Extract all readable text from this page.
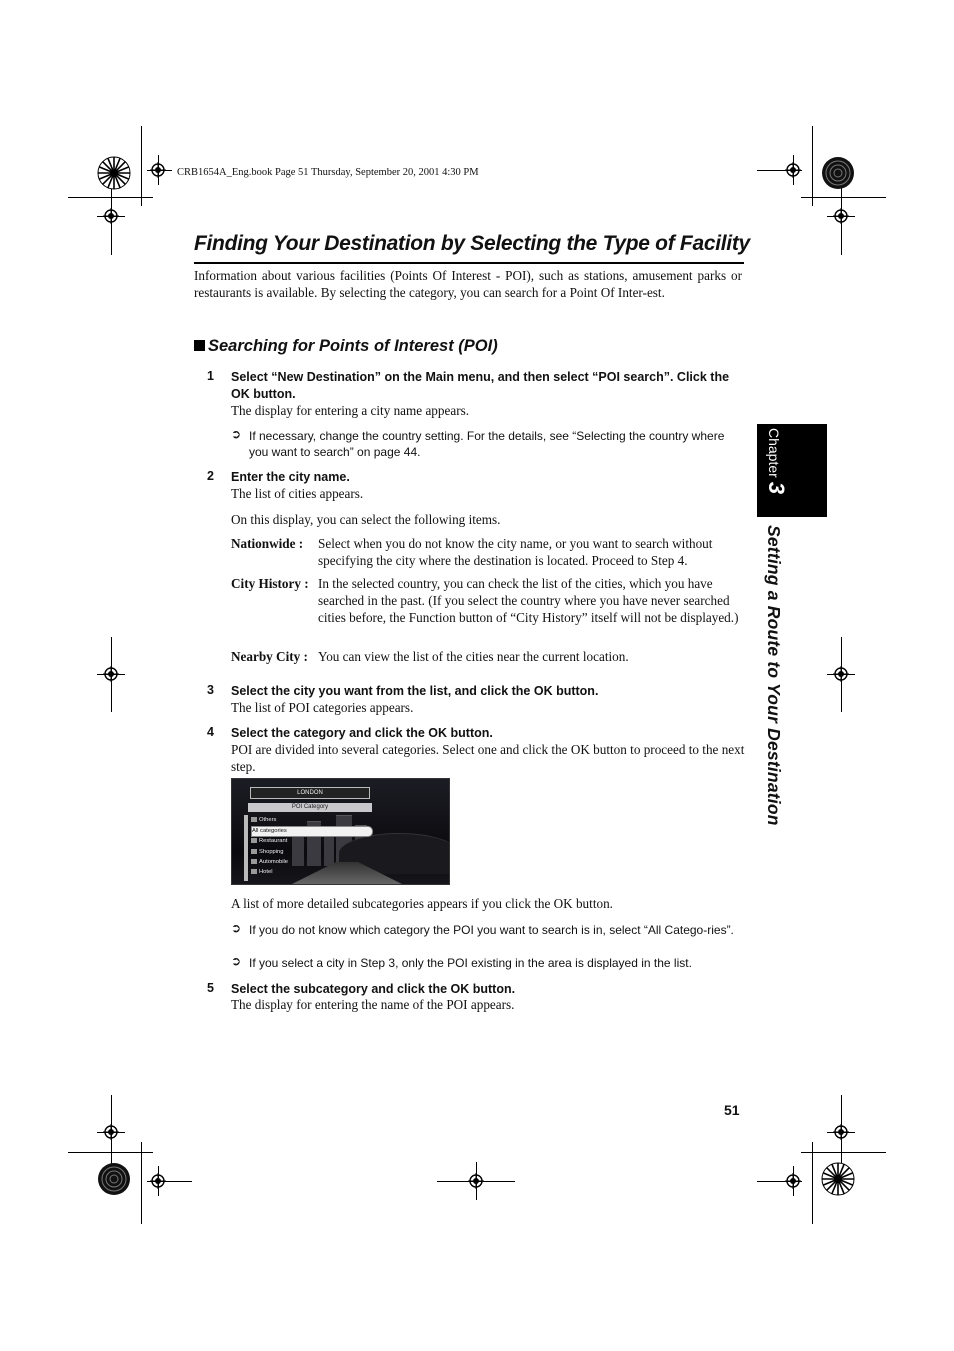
CRB1654A_Eng.book Page 51 Thursday, September 20, 2001 4:30 PM
Finding Your Destination by Selecting the Type of Facility
Information about various facilities (Points Of Interest - POI), such as stations, amusement parks or restaurants is available. By selecting the category, you can search for a Point Of Inter-est.
Searching for Points of Interest (POI)
1 Select “New Destination” on the Main menu, and then select “POI search”. Click the OK button.
The display for entering a city name appears.
➲ If necessary, change the country setting. For the details, see “Selecting the country where you want to search” on page 44.
2 Enter the city name.
The list of cities appears.
On this display, you can select the following items.
Nationwide : Select when you do not know the city name, or you want to search without specifying the city where the destination is located. Proceed to Step 4.
City History : In the selected country, you can check the list of the cities, which you have searched in the past. (If you select the country where you have never searched cities before, the Function button of “City History” itself will not be displayed.)
Nearby City : You can view the list of the cities near the current location.
3 Select the city you want from the list, and click the OK button.
The list of POI categories appears.
4 Select the category and click the OK button.
POI are divided into several categories. Select one and click the OK button to proceed to the next step.
LONDON
POI Category
Others
All categories
Restaurant
Shopping
Automobile
Hotel
A list of more detailed subcategories appears if you click the OK button.
➲ If you do not know which category the POI you want to search is in, select “All Catego-ries”.
➲ If you select a city in Step 3, only the POI existing in the area is displayed in the list.
5 Select the subcategory and click the OK button.
The display for entering the name of the POI appears.
Chapter3
Setting a Route to Your Destination
51
